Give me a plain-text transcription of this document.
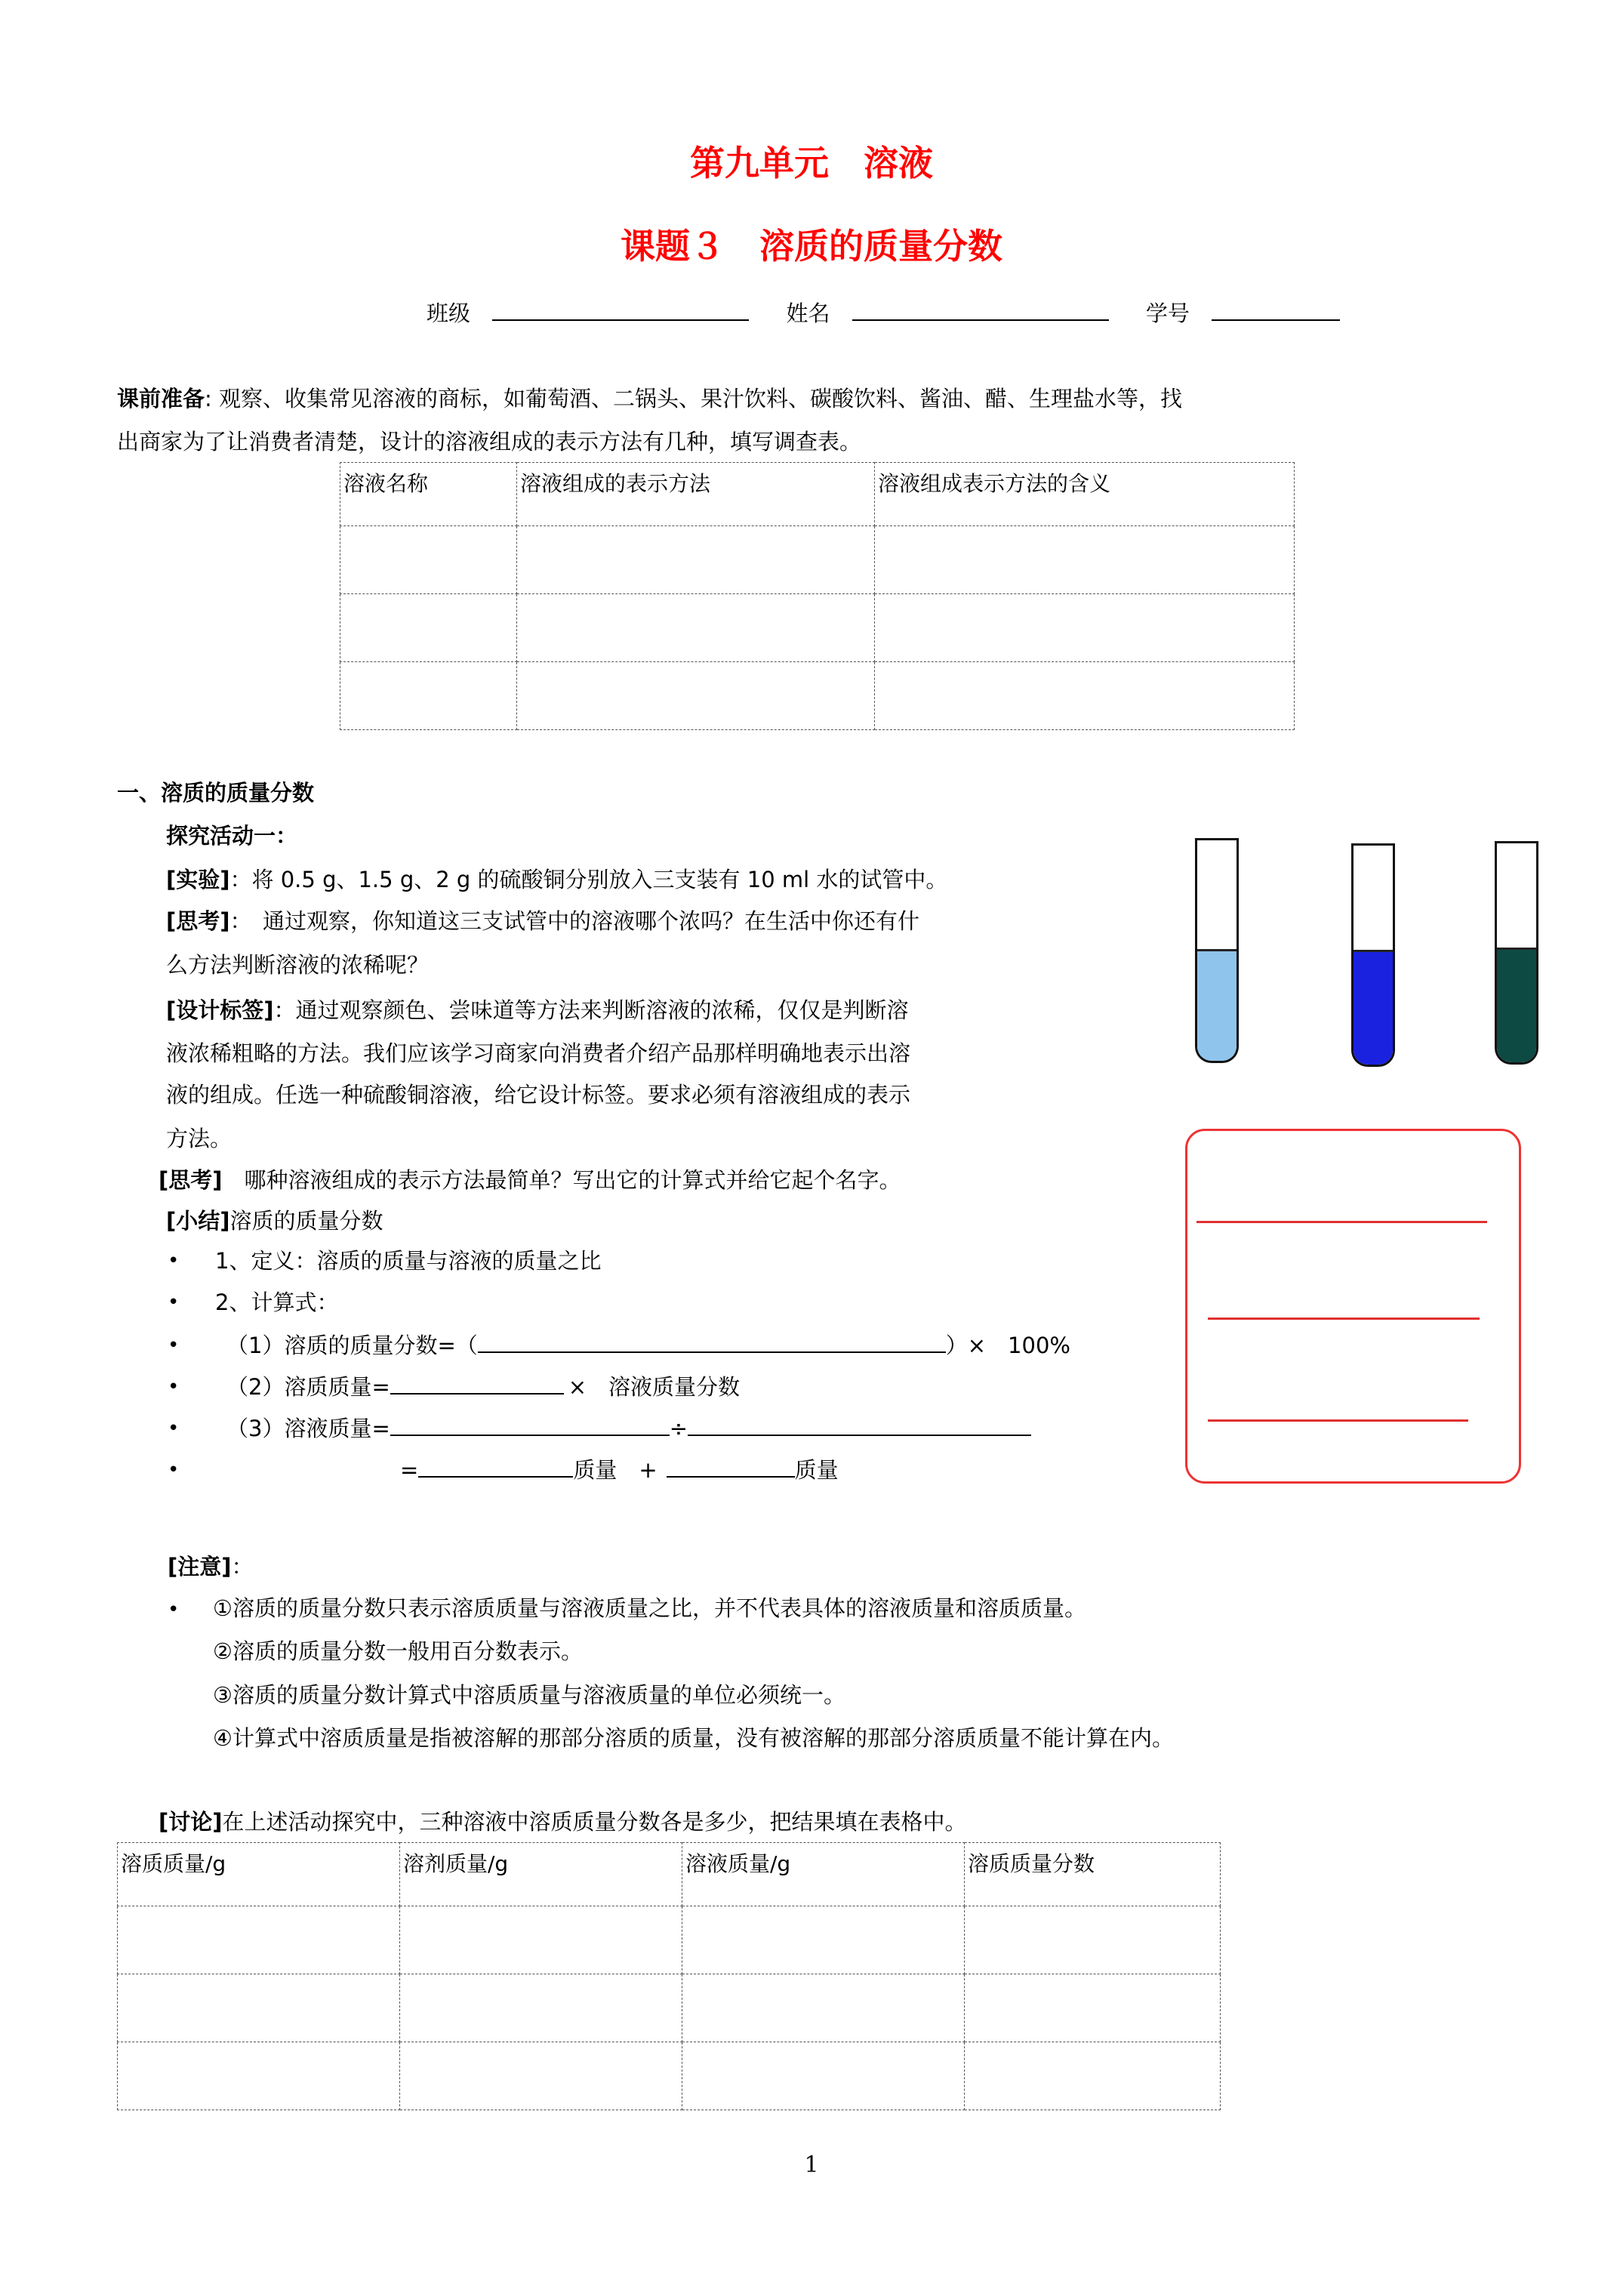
第九单元　溶液
课题３　溶质的质量分数
班级	姓名	学号
课前准备: 观察、收集常见溶液的商标，如葡萄酒、二锅头、果汁饮料、碳酸饮料、酱油、醋、生理盐水等，找
出商家为了让消费者清楚，设计的溶液组成的表示方法有几种，填写调查表。
溶液名称	溶液组成的表示方法	溶液组成表示方法的含义

一、溶质的质量分数
探究活动一：
[实验]：将 0.5 g、1.5 g、2 g 的硫酸铜分别放入三支装有 10 ml 水的试管中。
[思考]：　通过观察，你知道这三支试管中的溶液哪个浓吗？在生活中你还有什
么方法判断溶液的浓稀呢？
[设计标签]：通过观察颜色、尝味道等方法来判断溶液的浓稀，仅仅是判断溶
液浓稀粗略的方法。我们应该学习商家向消费者介绍产品那样明确地表示出溶
液的组成。任选一种硫酸铜溶液，给它设计标签。要求必须有溶液组成的表示
方法。
[思考]　哪种溶液组成的表示方法最简单？写出它的计算式并给它起个名字。
[小结]溶质的质量分数
• 1、定义：溶质的质量与溶液的质量之比
• 2、计算式：
• （1）溶质的质量分数=（	）×　100%
• （2）溶质质量=	×　溶液质量分数
• （3）溶液质量=	÷
•	=	质量　+	质量
[注意]：
• ①溶质的质量分数只表示溶质质量与溶液质量之比，并不代表具体的溶液质量和溶质质量。
②溶质的质量分数一般用百分数表示。
③溶质的质量分数计算式中溶质质量与溶液质量的单位必须统一。
④计算式中溶质质量是指被溶解的那部分溶质的质量，没有被溶解的那部分溶质质量不能计算在内。
[讨论]在上述活动探究中，三种溶液中溶质质量分数各是多少，把结果填在表格中。
溶质质量/g	溶剂质量/g	溶液质量/g	溶质质量分数

1
